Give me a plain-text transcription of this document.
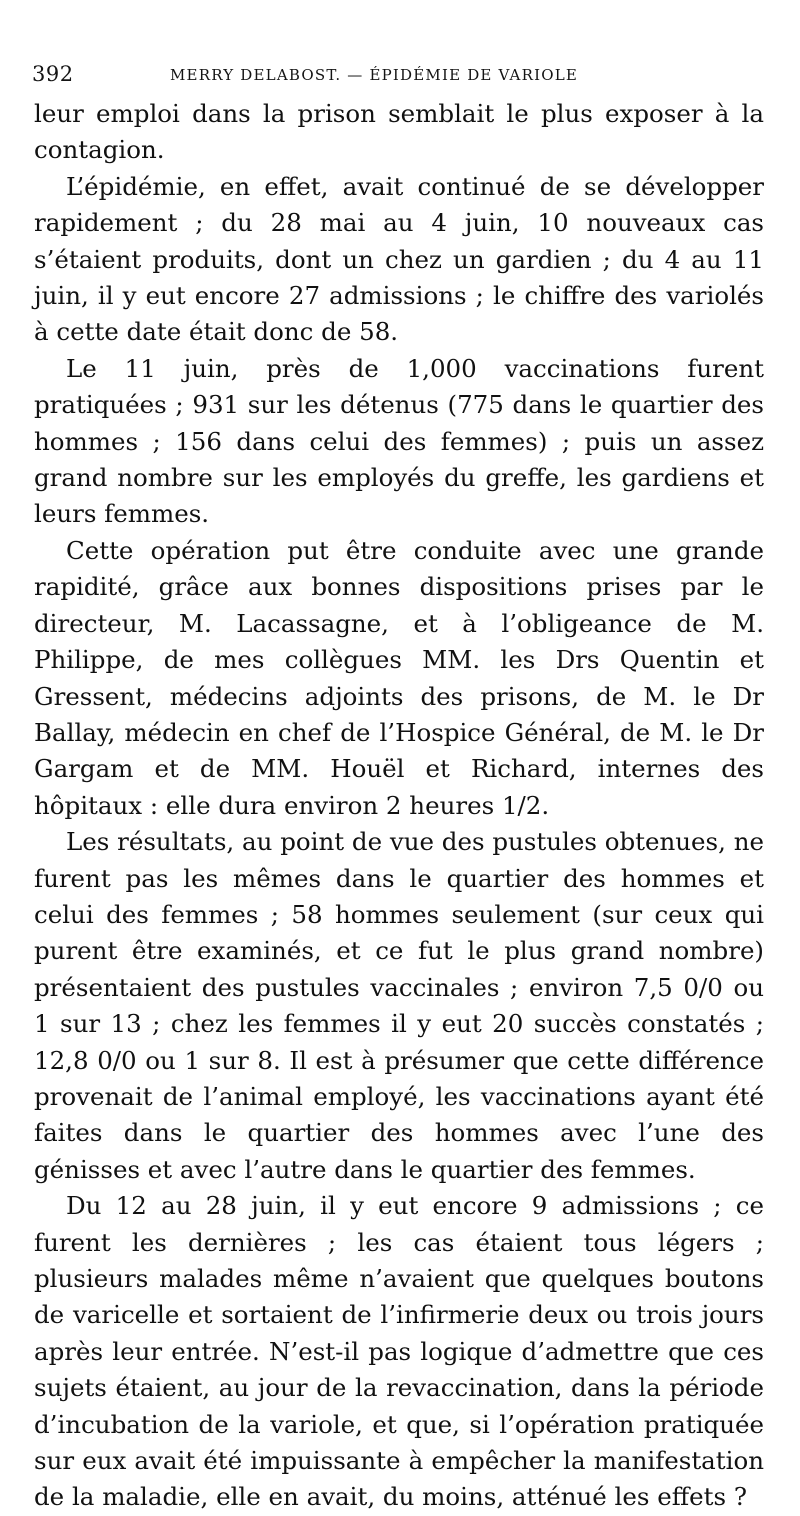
392	MERRY DELABOST. — ÉPIDÉMIE DE VARIOLE

leur emploi dans la prison semblait le plus exposer à la contagion.

L’épidémie, en effet, avait continué de se développer rapidement ; du 28 mai au 4 juin, 10 nouveaux cas s’étaient produits, dont un chez un gardien ; du 4 au 11 juin, il y eut encore 27 admissions ; le chiffre des variolés à cette date était donc de 58.

Le 11 juin, près de 1,000 vaccinations furent pratiquées ; 931 sur les détenus (775 dans le quartier des hommes ; 156 dans celui des femmes) ; puis un assez grand nombre sur les employés du greffe, les gardiens et leurs femmes.

Cette opération put être conduite avec une grande rapidité, grâce aux bonnes dispositions prises par le directeur, M. Lacassagne, et à l’obligeance de M. Philippe, de mes collègues MM. les Drs Quentin et Gressent, médecins adjoints des prisons, de M. le Dr Ballay, médecin en chef de l’Hospice Général, de M. le Dr Gargam et de MM. Houël et Richard, internes des hôpitaux : elle dura environ 2 heures 1/2.

Les résultats, au point de vue des pustules obtenues, ne furent pas les mêmes dans le quartier des hommes et celui des femmes ; 58 hommes seulement (sur ceux qui purent être examinés, et ce fut le plus grand nombre) présentaient des pustules vaccinales ; environ 7,5 0/0 ou 1 sur 13 ; chez les femmes il y eut 20 succès constatés ; 12,8 0/0 ou 1 sur 8. Il est à présumer que cette différence provenait de l’animal employé, les vaccinations ayant été faites dans le quartier des hommes avec l’une des génisses et avec l’autre dans le quartier des femmes.

Du 12 au 28 juin, il y eut encore 9 admissions ; ce furent les dernières ; les cas étaient tous légers ; plusieurs malades même n’avaient que quelques boutons de varicelle et sortaient de l’infirmerie deux ou trois jours après leur entrée. N’est-il pas logique d’admettre que ces sujets étaient, au jour de la revaccination, dans la période d’incubation de la variole, et que, si l’opération pratiquée sur eux avait été impuissante à empêcher la manifestation de la maladie, elle en avait, du moins, atténué les effets ?
